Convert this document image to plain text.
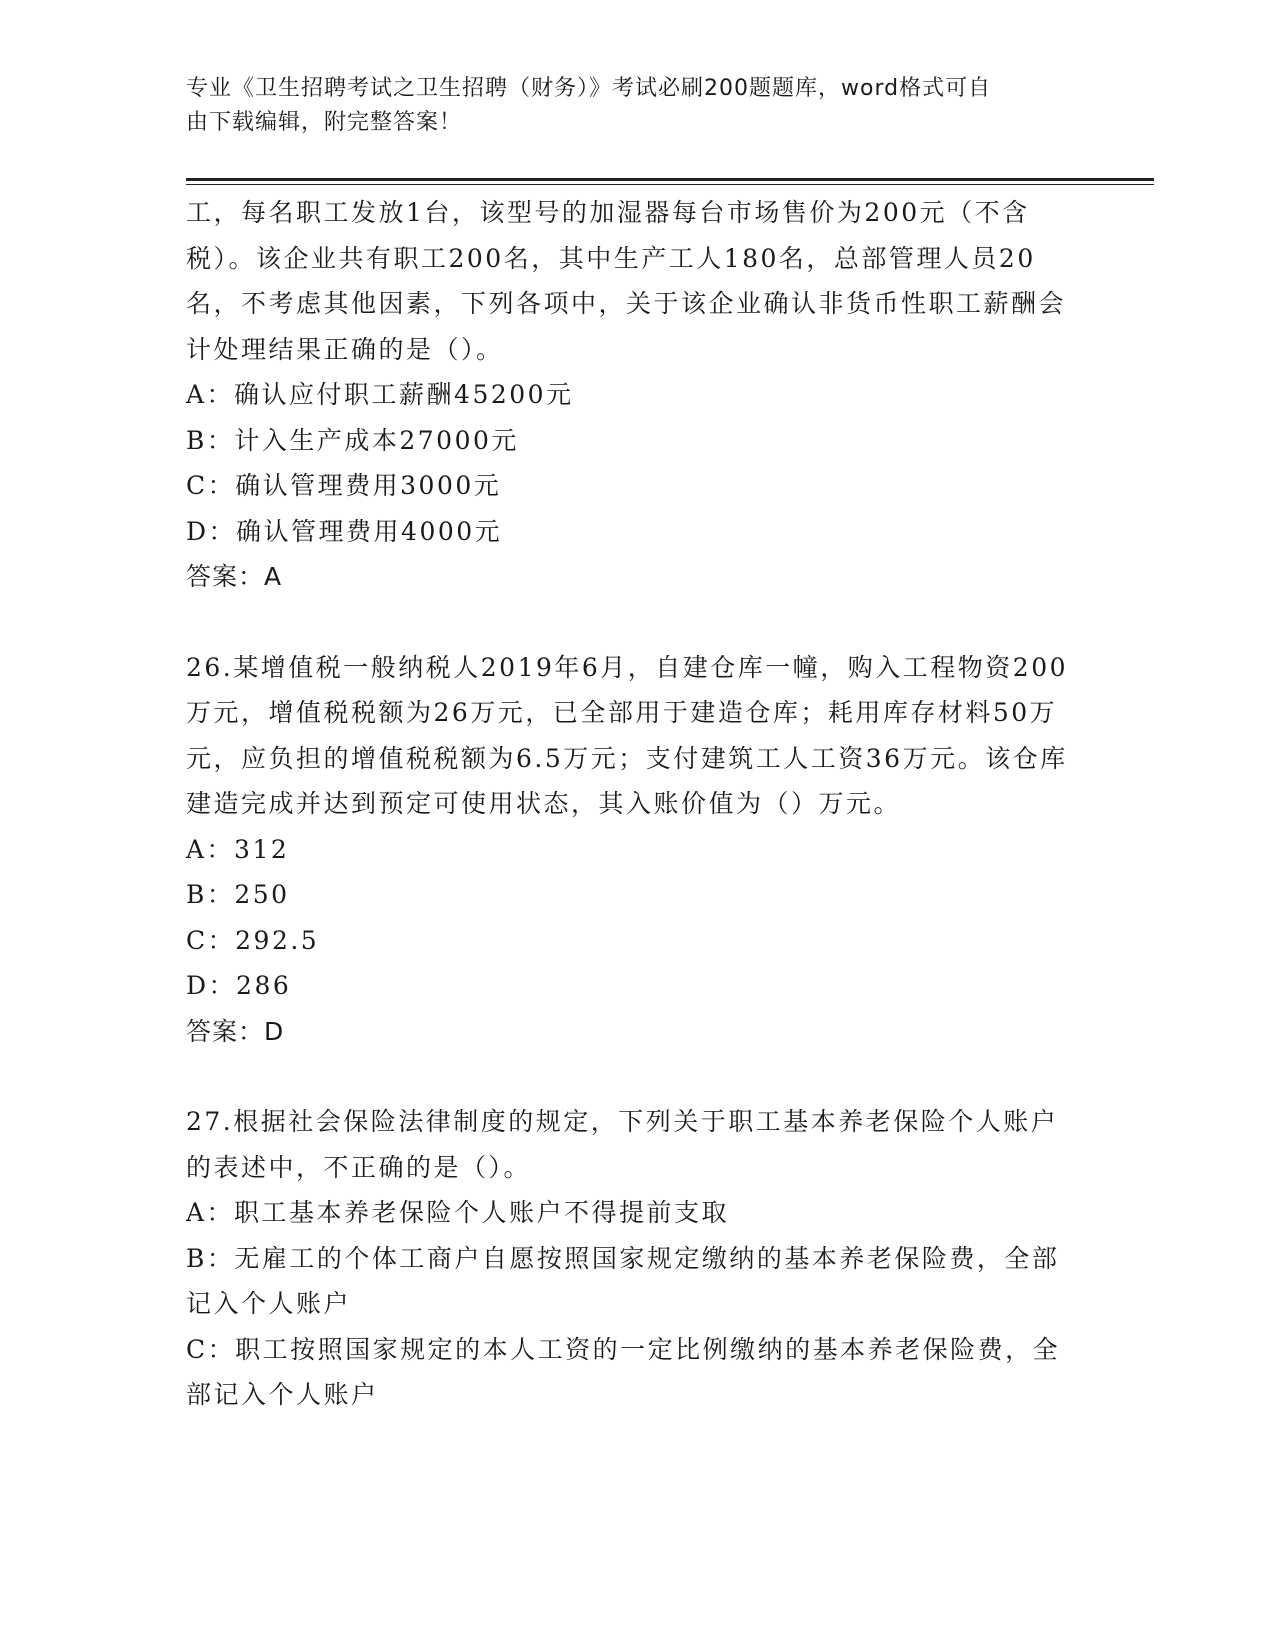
专业《卫生招聘考试之卫生招聘（财务）》考试必刷200题题库，word格式可自
由下载编辑，附完整答案！

工，每名职工发放1台，该型号的加湿器每台市场售价为200元（不含税）。该企业共有职工200名，其中生产工人180名，总部管理人员20名，不考虑其他因素，下列各项中，关于该企业确认非货币性职工薪酬会计处理结果正确的是（）。

A：确认应付职工薪酬45200元

B：计入生产成本27000元

C：确认管理费用3000元

D：确认管理费用4000元

答案：A

26.某增值税一般纳税人2019年6月，自建仓库一幢，购入工程物资200万元，增值税税额为26万元，已全部用于建造仓库；耗用库存材料50万元，应负担的增值税税额为6.5万元；支付建筑工人工资36万元。该仓库建造完成并达到预定可使用状态，其入账价值为（）万元。

A：312

B：250

C：292.5

D：286

答案：D

27.根据社会保险法律制度的规定，下列关于职工基本养老保险个人账户的表述中，不正确的是（）。

A：职工基本养老保险个人账户不得提前支取

B：无雇工的个体工商户自愿按照国家规定缴纳的基本养老保险费，全部记入个人账户

C：职工按照国家规定的本人工资的一定比例缴纳的基本养老保险费，全部记入个人账户
